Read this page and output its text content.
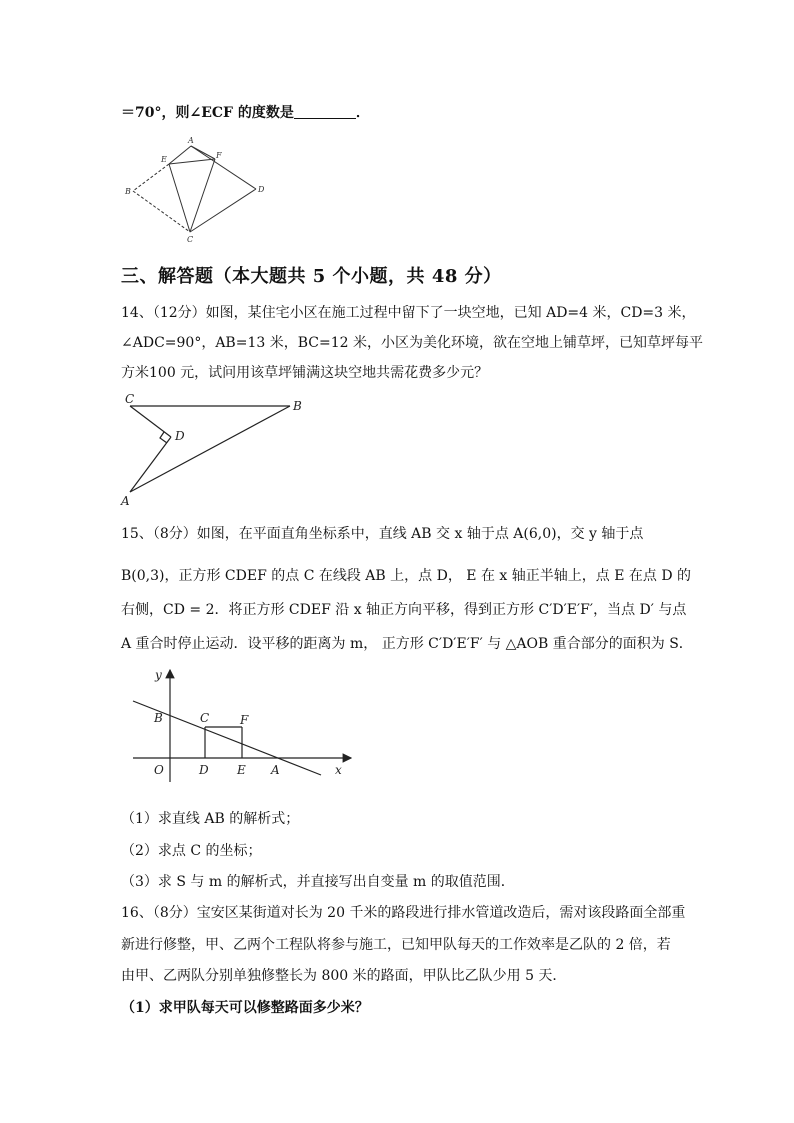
＝70°，则∠ECF 的度数是	．
A
E	F
B	D
C
三、解答题（本大题共 5 个小题，共 48 分）
14、（12分）如图，某住宅小区在施工过程中留下了一块空地，已知 AD=4 米，CD=3 米，
∠ADC=90°，AB=13 米，BC=12 米，小区为美化环境，欲在空地上铺草坪，已知草坪每平
方米100 元，试问用该草坪铺满这块空地共需花费多少元？
C	B
D
A
15、（8分）如图，在平面直角坐标系中，直线 AB 交 x 轴于点 A(6,0)，交 y 轴于点
B(0,3)，正方形 CDEF 的点 C 在线段 AB 上，点 D， E 在 x 轴正半轴上，点 E 在点 D 的
右侧，CD = 2．将正方形 CDEF 沿 x 轴正方向平移，得到正方形 C′D′E′F′，当点 D′ 与点
A 重合时停止运动．设平移的距离为 m， 正方形 C′D′E′F′ 与 △AOB 重合部分的面积为 S．
y
x
O
B	C	F
D E A
（1）求直线 AB 的解析式；
（2）求点 C 的坐标；
（3）求 S 与 m 的解析式，并直接写出自变量 m 的取值范围．
16、（8分）宝安区某街道对长为 20 千米的路段进行排水管道改造后，需对该段路面全部重
新进行修整，甲、乙两个工程队将参与施工，已知甲队每天的工作效率是乙队的 2 倍，若
由甲、乙两队分别单独修整长为 800 米的路面，甲队比乙队少用 5 天．
（1）求甲队每天可以修整路面多少米？
